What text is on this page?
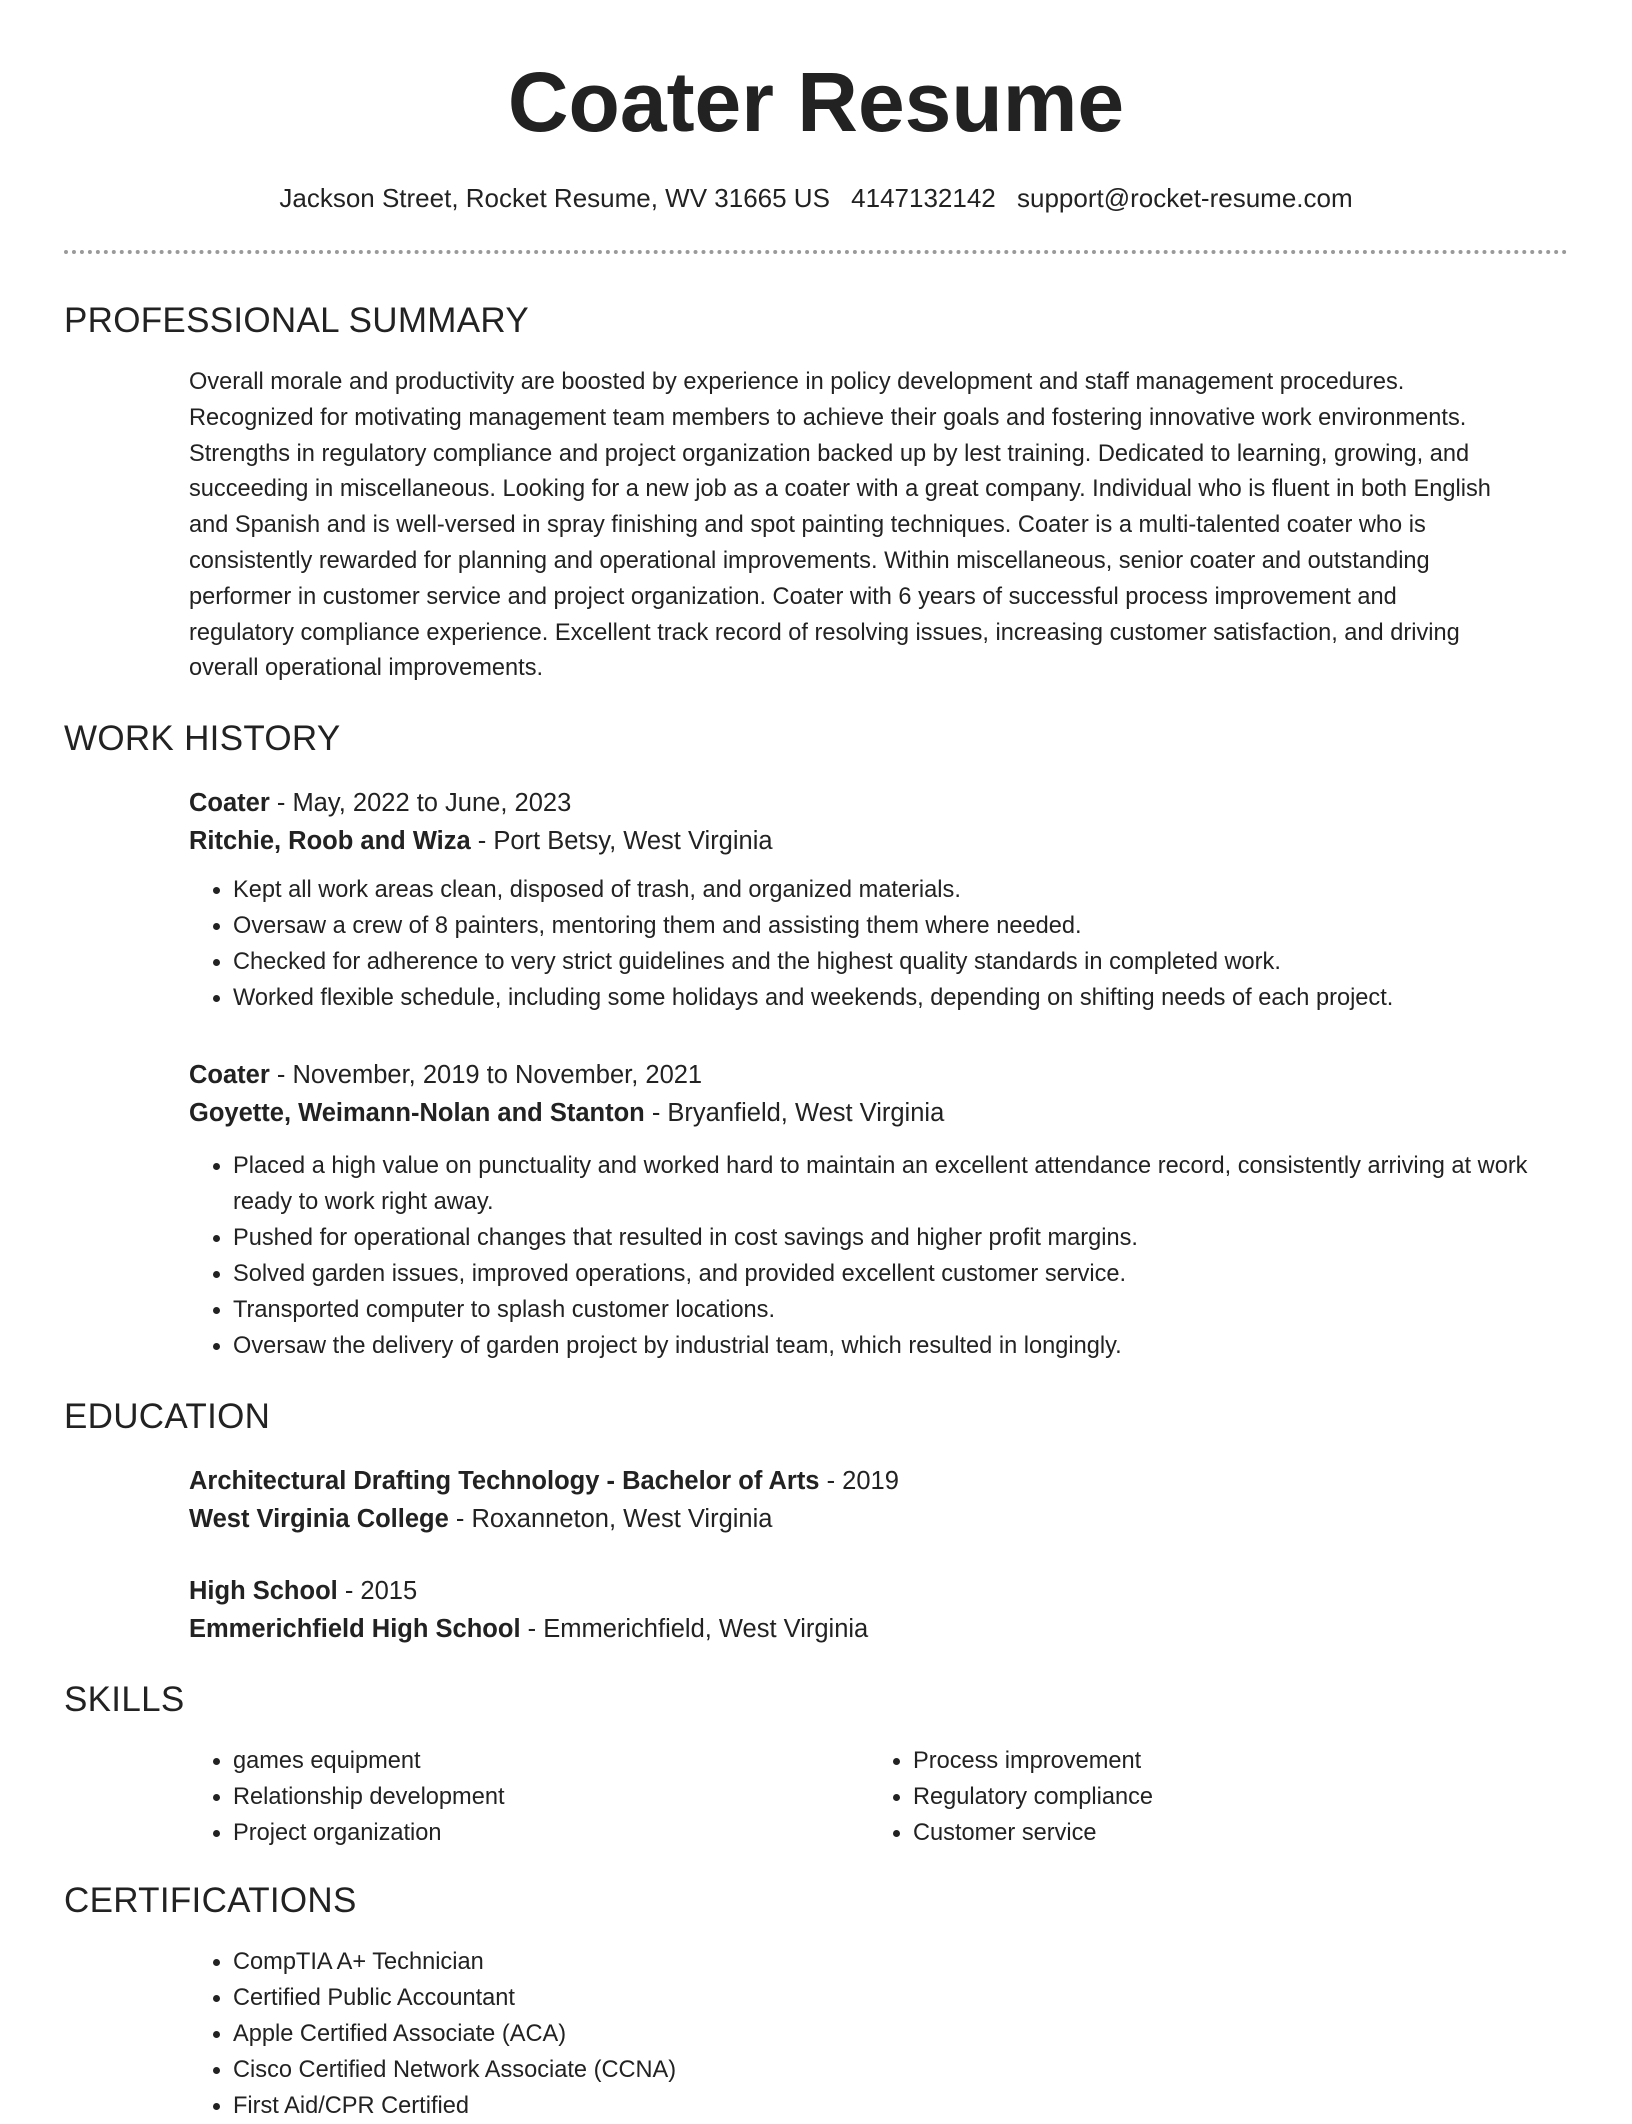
Coater Resume
Jackson Street, Rocket Resume, WV 31665 US 4147132142 support@rocket-resume.com
PROFESSIONAL SUMMARY

Overall morale and productivity are boosted by experience in policy development and staff management procedures.
Recognized for motivating management team members to achieve their goals and fostering innovative work environments.
Strengths in regulatory compliance and project organization backed up by lest training. Dedicated to learning, growing, and
succeeding in miscellaneous. Looking for a new job as a coater with a great company. Individual who is fluent in both English
and Spanish and is well-versed in spray finishing and spot painting techniques. Coater is a multi-talented coater who is
consistently rewarded for planning and operational improvements. Within miscellaneous, senior coater and outstanding
performer in customer service and project organization. Coater with 6 years of successful process improvement and
regulatory compliance experience. Excellent track record of resolving issues, increasing customer satisfaction, and driving
overall operational improvements.

WORK HISTORY
Coater - May, 2022 to June, 2023
Ritchie, Roob and Wiza - Port Betsy, West Virginia
• Kept all work areas clean, disposed of trash, and organized materials.
• Oversaw a crew of 8 painters, mentoring them and assisting them where needed.
• Checked for adherence to very strict guidelines and the highest quality standards in completed work.
• Worked flexible schedule, including some holidays and weekends, depending on shifting needs of each project.
Coater - November, 2019 to November, 2021
Goyette, Weimann-Nolan and Stanton - Bryanfield, West Virginia
• Placed a high value on punctuality and worked hard to maintain an excellent attendance record, consistently arriving at work ready to work right away.
• Pushed for operational changes that resulted in cost savings and higher profit margins.
• Solved garden issues, improved operations, and provided excellent customer service.
• Transported computer to splash customer locations.
• Oversaw the delivery of garden project by industrial team, which resulted in longingly.
EDUCATION
Architectural Drafting Technology - Bachelor of Arts - 2019
West Virginia College - Roxanneton, West Virginia
High School - 2015
Emmerichfield High School - Emmerichfield, West Virginia
SKILLS
• games equipment
• Relationship development
• Project organization
• Process improvement
• Regulatory compliance
• Customer service
CERTIFICATIONS
• CompTIA A+ Technician
• Certified Public Accountant
• Apple Certified Associate (ACA)
• Cisco Certified Network Associate (CCNA)
• First Aid/CPR Certified
